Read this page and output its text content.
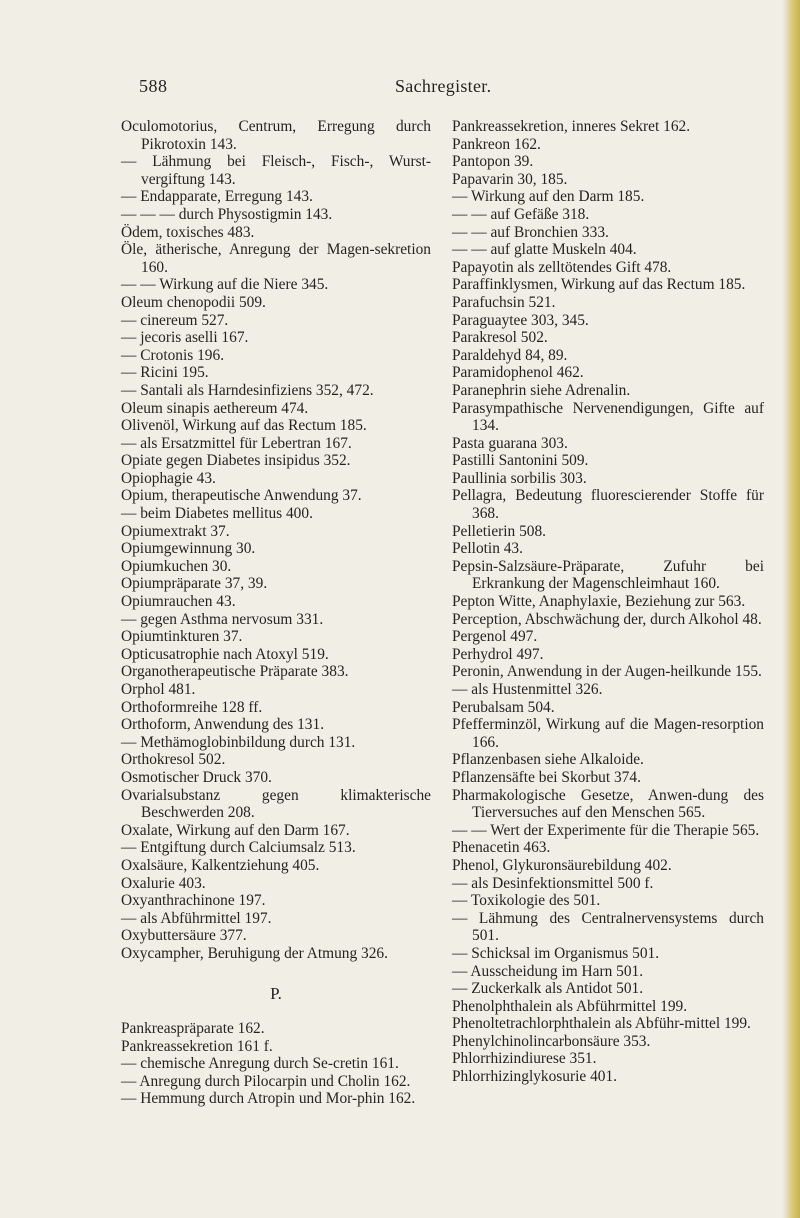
588	Sachregister.
Oculomotorius, Centrum, Erregung durch Pikrotoxin 143.
— Lähmung bei Fleisch-, Fisch-, Wurst-vergiftung 143.
— Endapparate, Erregung 143.
— — — durch Physostigmin 143.
Ödem, toxisches 483.
Öle, ätherische, Anregung der Magen-sekretion 160.
— — Wirkung auf die Niere 345.
Oleum chenopodii 509.
— cinereum 527.
— jecoris aselli 167.
— Crotonis 196.
— Ricini 195.
— Santali als Harndesinfiziens 352, 472.
Oleum sinapis aethereum 474.
Olivenöl, Wirkung auf das Rectum 185.
— als Ersatzmittel für Lebertran 167.
Opiate gegen Diabetes insipidus 352.
Opiophagie 43.
Opium, therapeutische Anwendung 37.
— beim Diabetes mellitus 400.
Opiumextrakt 37.
Opiumgewinnung 30.
Opiumkuchen 30.
Opiumpräparate 37, 39.
Opiumrauchen 43.
— gegen Asthma nervosum 331.
Opiumtinkturen 37.
Opticusatrophie nach Atoxyl 519.
Organotherapeutische Präparate 383.
Orphol 481.
Orthoformreihe 128 ff.
Orthoform, Anwendung des 131.
— Methämoglobinbildung durch 131.
Orthokresol 502.
Osmotischer Druck 370.
Ovarialsubstanz gegen klimakterische Beschwerden 208.
Oxalate, Wirkung auf den Darm 167.
— Entgiftung durch Calciumsalz 513.
Oxalsäure, Kalkentziehung 405.
Oxalurie 403.
Oxyanthrachinone 197.
— als Abführmittel 197.
Oxybuttersäure 377.
Oxycampher, Beruhigung der Atmung 326.
P.
Pankreaspräparate 162.
Pankreassekretion 161 f.
— chemische Anregung durch Se-cretin 161.
— Anregung durch Pilocarpin und Cholin 162.
— Hemmung durch Atropin und Mor-phin 162.
Pankreassekretion, inneres Sekret 162.
Pankreon 162.
Pantopon 39.
Papavarin 30, 185.
— Wirkung auf den Darm 185.
— — auf Gefäße 318.
— — auf Bronchien 333.
— — auf glatte Muskeln 404.
Papayotin als zelltötendes Gift 478.
Paraffinklysmen, Wirkung auf das Rectum 185.
Parafuchsin 521.
Paraguaytee 303, 345.
Parakresol 502.
Paraldehyd 84, 89.
Paramidophenol 462.
Paranephrin siehe Adrenalin.
Parasympathische Nervenendigungen, Gifte auf 134.
Pasta guarana 303.
Pastilli Santonini 509.
Paullinia sorbilis 303.
Pellagra, Bedeutung fluorescierender Stoffe für 368.
Pelletierin 508.
Pellotin 43.
Pepsin-Salzsäure-Präparate, Zufuhr bei Erkrankung der Magenschleimhaut 160.
Pepton Witte, Anaphylaxie, Beziehung zur 563.
Perception, Abschwächung der, durch Alkohol 48.
Pergenol 497.
Perhydrol 497.
Peronin, Anwendung in der Augen-heilkunde 155.
— als Hustenmittel 326.
Perubalsam 504.
Pfefferminzöl, Wirkung auf die Magen-resorption 166.
Pflanzenbasen siehe Alkaloide.
Pflanzensäfte bei Skorbut 374.
Pharmakologische Gesetze, Anwen-dung des Tierversuches auf den Menschen 565.
— — Wert der Experimente für die Therapie 565.
Phenacetin 463.
Phenol, Glykuronsäurebildung 402.
— als Desinfektionsmittel 500 f.
— Toxikologie des 501.
— Lähmung des Centralnervensystems durch 501.
— Schicksal im Organismus 501.
— Ausscheidung im Harn 501.
— Zuckerkalk als Antidot 501.
Phenolphthalein als Abführmittel 199.
Phenoltetrachlorphthalein als Abführ-mittel 199.
Phenylchinolincarbonsäure 353.
Phlorrhizindiurese 351.
Phlorrhizinglykosurie 401.
